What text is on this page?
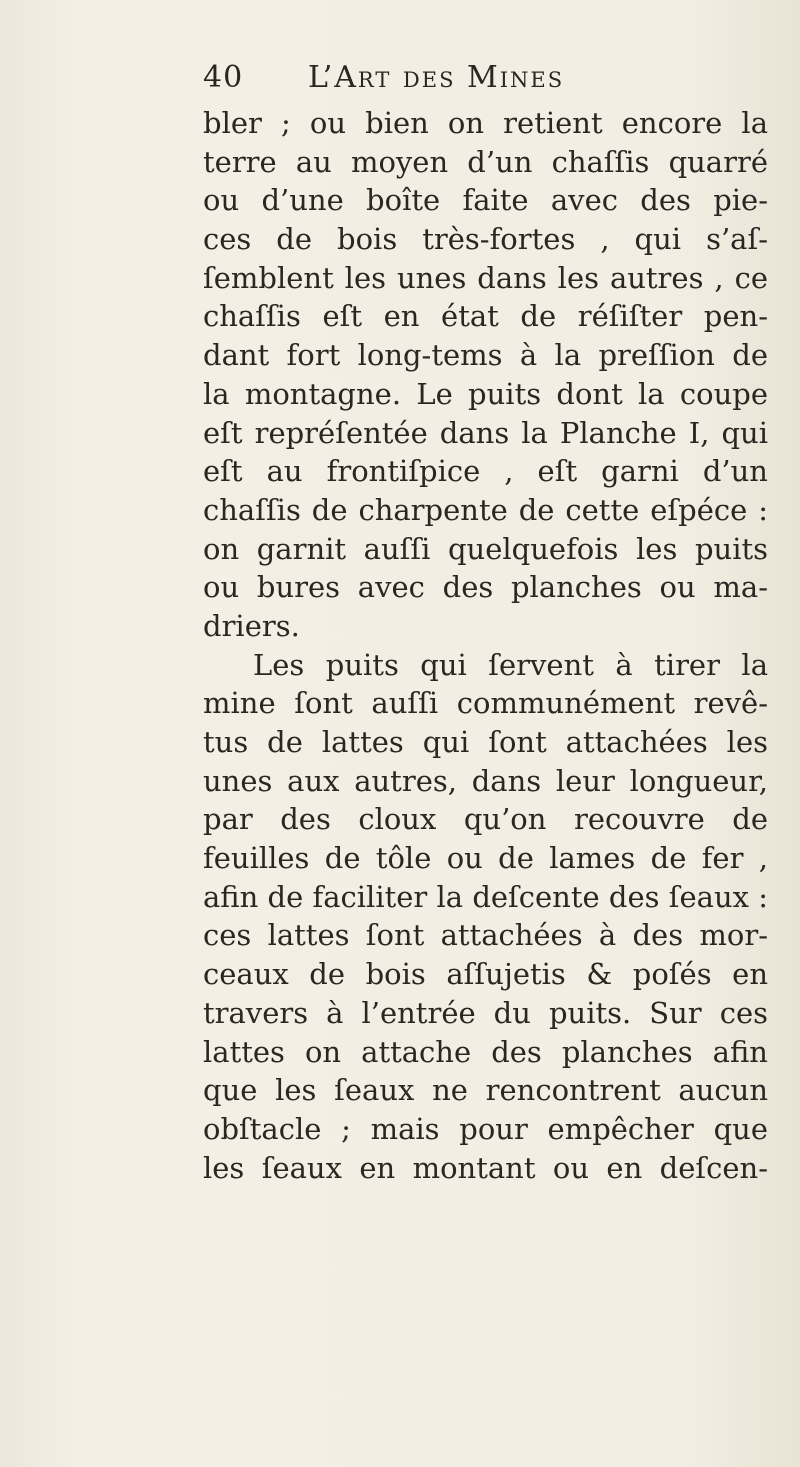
40 L’Art des Mines
bler ; ou bien on retient encore la
terre au moyen d’un chaſſis quarré
ou d’une boîte faite avec des pie-
ces de bois très-fortes , qui s’aſ-
ſemblent les unes dans les autres , ce
chaſſis eſt en état de réſiſter pen-
dant fort long-tems à la preſſion de
la montagne. Le puits dont la coupe
eſt repréſentée dans la Planche I, qui
eſt au frontiſpice , eſt garni d’un
chaſſis de charpente de cette eſpéce :
on garnit auſſi quelquefois les puits
ou bures avec des planches ou ma-
driers.
Les puits qui ſervent à tirer la
mine ſont auſſi communément revê-
tus de lattes qui ſont attachées les
unes aux autres, dans leur longueur,
par des cloux qu’on recouvre de
feuilles de tôle ou de lames de fer ,
afin de faciliter la deſcente des ſeaux :
ces lattes ſont attachées à des mor-
ceaux de bois aſſujetis & poſés en
travers à l’entrée du puits. Sur ces
lattes on attache des planches afin
que les ſeaux ne rencontrent aucun
obſtacle ; mais pour empêcher que
les ſeaux en montant ou en deſcen-
